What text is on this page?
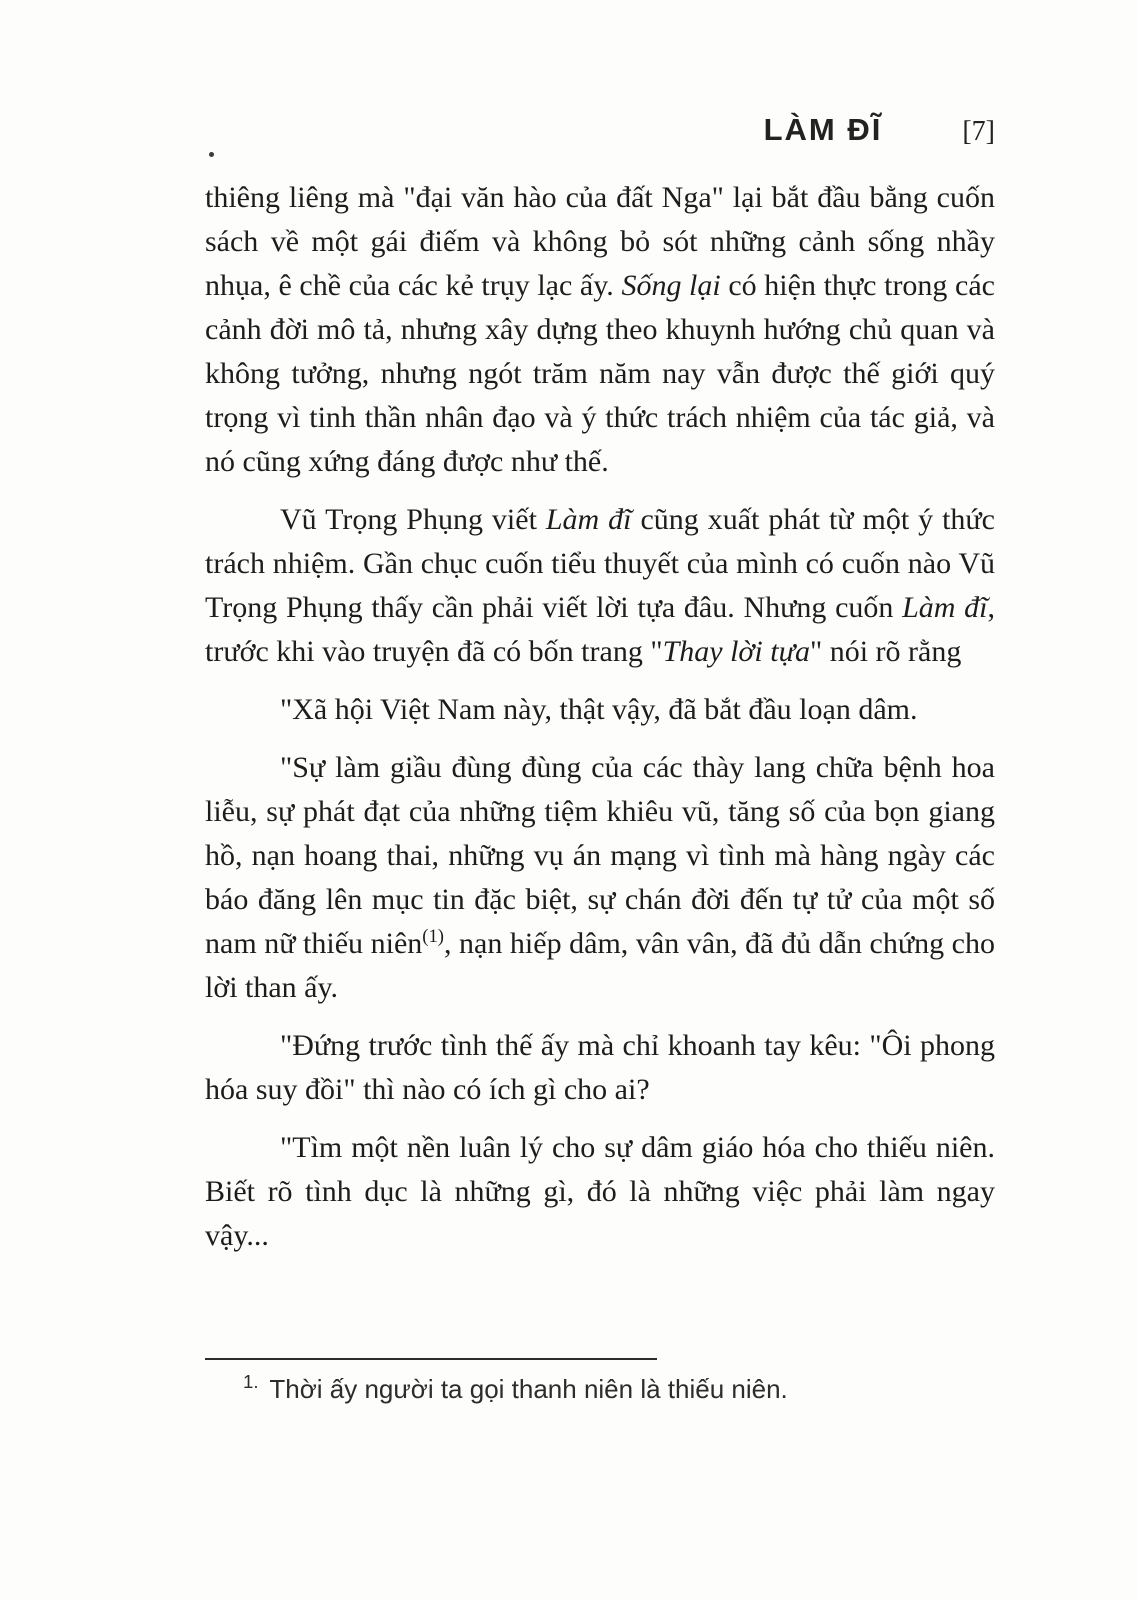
LÀM ĐĨ	[7]

thiêng liêng mà "đại văn hào của đất Nga" lại bắt đầu bằng cuốn sách về một gái điếm và không bỏ sót những cảnh sống nhầy nhụa, ê chề của các kẻ trụy lạc ấy. Sống lại có hiện thực trong các cảnh đời mô tả, nhưng xây dựng theo khuynh hướng chủ quan và không tưởng, nhưng ngót trăm năm nay vẫn được thế giới quý trọng vì tinh thần nhân đạo và ý thức trách nhiệm của tác giả, và nó cũng xứng đáng được như thế.

Vũ Trọng Phụng viết Làm đĩ cũng xuất phát từ một ý thức trách nhiệm. Gần chục cuốn tiểu thuyết của mình có cuốn nào Vũ Trọng Phụng thấy cần phải viết lời tựa đâu. Nhưng cuốn Làm đĩ, trước khi vào truyện đã có bốn trang "Thay lời tựa" nói rõ rằng

"Xã hội Việt Nam này, thật vậy, đã bắt đầu loạn dâm.

"Sự làm giầu đùng đùng của các thày lang chữa bệnh hoa liễu, sự phát đạt của những tiệm khiêu vũ, tăng số của bọn giang hồ, nạn hoang thai, những vụ án mạng vì tình mà hàng ngày các báo đăng lên mục tin đặc biệt, sự chán đời đến tự tử của một số nam nữ thiếu niên$^{(1)}$, nạn hiếp dâm, vân vân, đã đủ dẫn chứng cho lời than ấy.

"Đứng trước tình thế ấy mà chỉ khoanh tay kêu: "Ôi phong hóa suy đồi" thì nào có ích gì cho ai?

"Tìm một nền luân lý cho sự dâm giáo hóa cho thiếu niên. Biết rõ tình dục là những gì, đó là những việc phải làm ngay vậy...

$^{1.}$ Thời ấy người ta gọi thanh niên là thiếu niên.
